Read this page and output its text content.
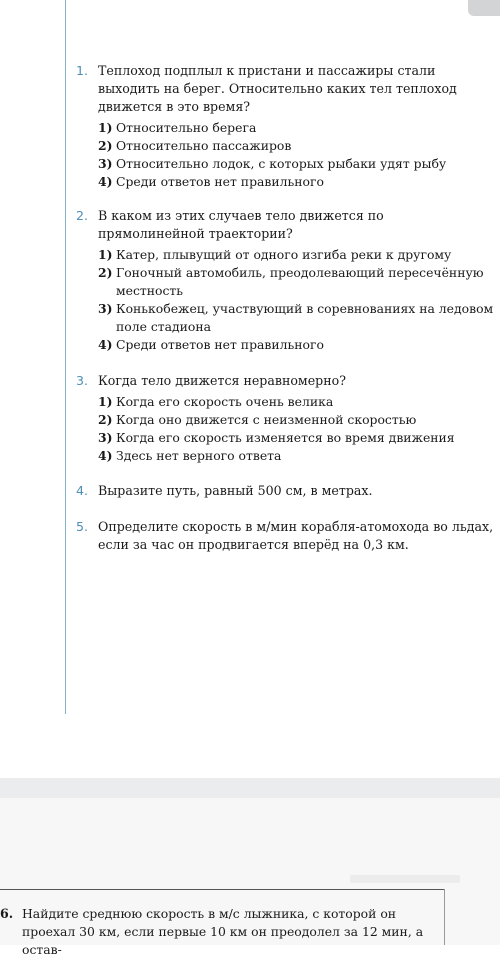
1. Теплоход подплыл к пристани и пассажиры стали выходить на берег. Относительно каких тел теплоход движется в это время?
1) Относительно берега
2) Относительно пассажиров
3) Относительно лодок, с которых рыбаки удят рыбу
4) Среди ответов нет правильного
2. В каком из этих случаев тело движется по прямолинейной траектории?
1) Катер, плывущий от одного изгиба реки к другому
2) Гоночный автомобиль, преодолевающий пересечённую местность
3) Конькобежец, участвующий в соревнованиях на ледовом поле стадиона
4) Среди ответов нет правильного
3. Когда тело движется неравномерно?
1) Когда его скорость очень велика
2) Когда оно движется с неизменной скоростью
3) Когда его скорость изменяется во время движения
4) Здесь нет верного ответа
4. Выразите путь, равный 500 см, в метрах.
5. Определите скорость в м/мин корабля-атомохода во льдах, если за час он продвигается вперёд на 0,3 км.
6. Найдите среднюю скорость в м/с лыжника, с которой он проехал 30 км, если первые 10 км он преодолел за 12 мин, а остав-
